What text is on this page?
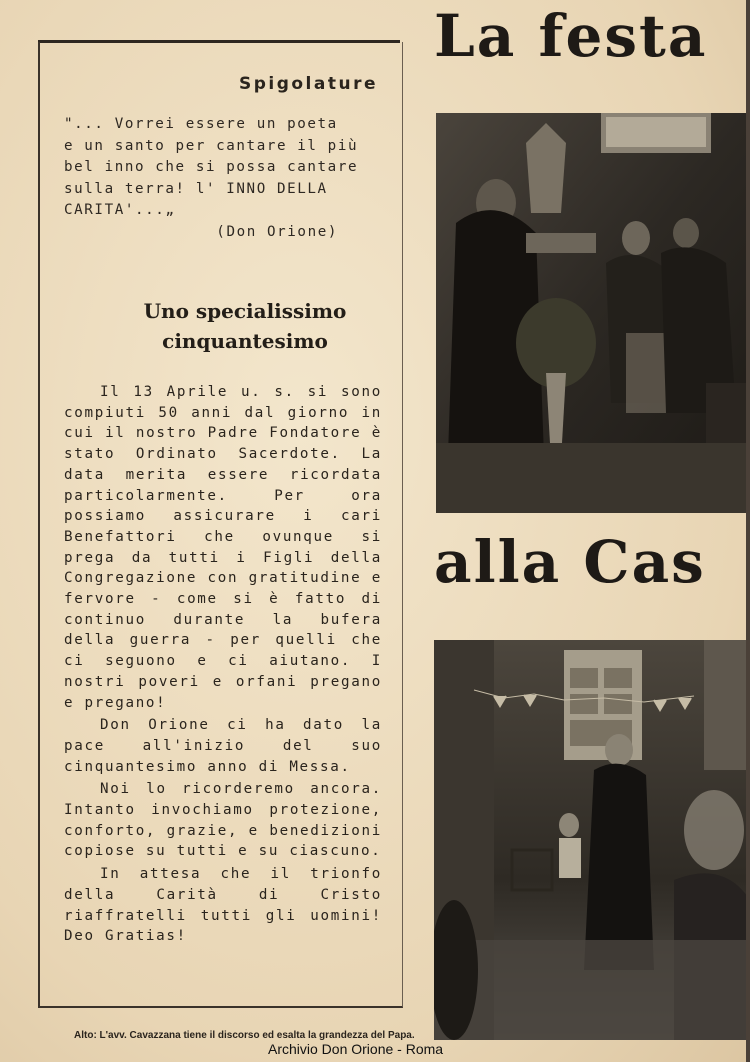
Spigolature
"... Vorrei essere un poeta
e un santo per cantare il più
bel inno che si possa cantare
sulla terra! l' INNO DELLA
CARITA'...„
(Don Orione)
Uno specialissimo cinquantesimo

Il 13 Aprile u. s. si sono compiuti 50 anni dal giorno in cui il nostro Padre Fondatore è stato Ordinato Sacerdote. La data merita essere ricordata particolarmente. Per ora possiamo assicurare i cari Benefattori che ovunque si prega da tutti i Figli della Congregazione con gratitudine e fervore - come si è fatto di continuo durante la bufera della guerra - per quelli che ci seguono e ci aiutano. I nostri poveri e orfani pregano e pregano!

Don Orione ci ha dato la pace all'inizio del suo cinquantesimo anno di Messa.

Noi lo ricorderemo ancora. Intanto invochiamo protezione, conforto, grazie, e benedizioni copiose su tutti e su ciascuno.

In attesa che il trionfo della Carità di Cristo riaffratelli tutti gli uomini! Deo Gratias!

La festa
alla Cas
Alto: L'avv. Cavazzana tiene il discorso ed esalta la grandezza del Papa.
Archivio Don Orione - Roma
